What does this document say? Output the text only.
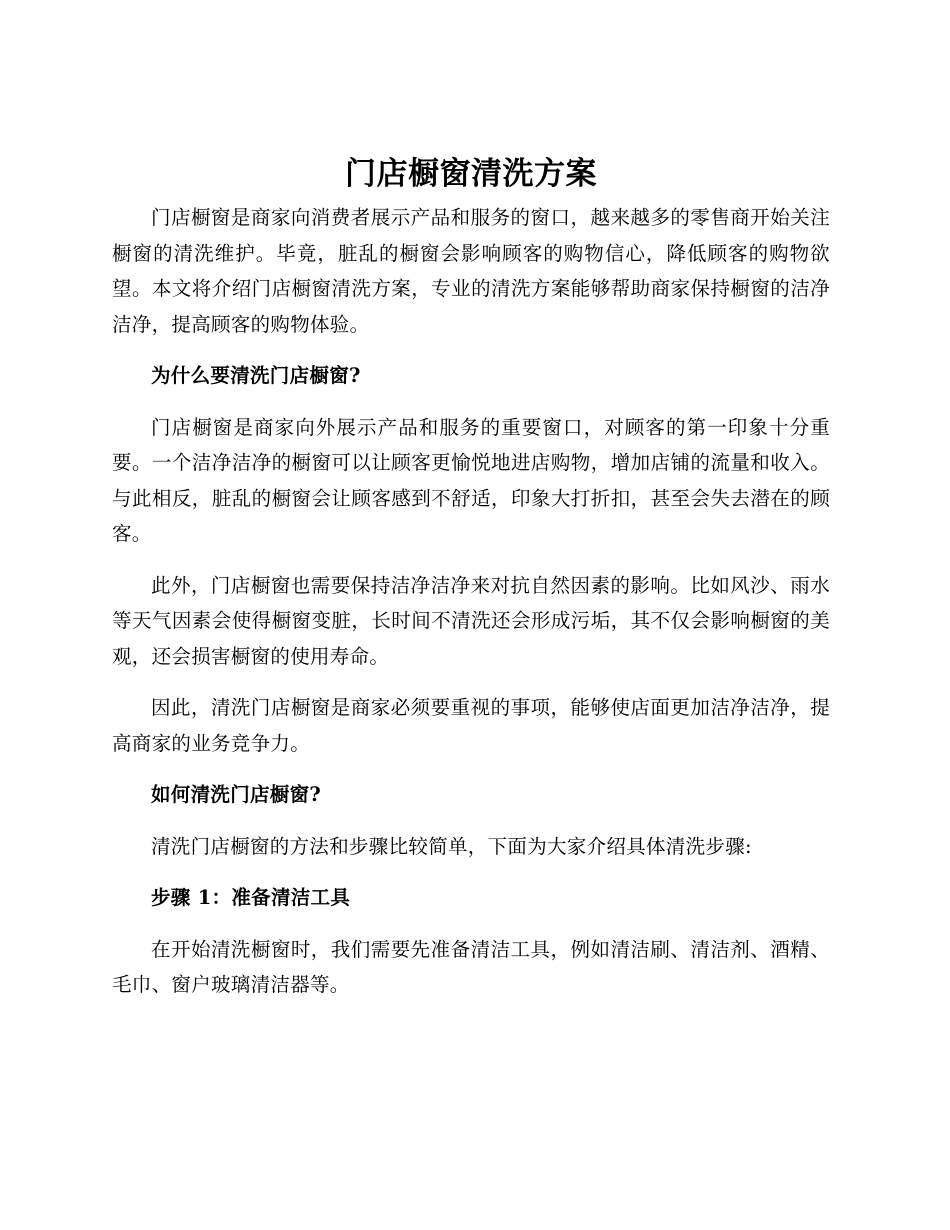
门店橱窗清洗方案

门店橱窗是商家向消费者展示产品和服务的窗口，越来越多的零售商开始关注橱窗的清洗维护。毕竟，脏乱的橱窗会影响顾客的购物信心，降低顾客的购物欲望。本文将介绍门店橱窗清洗方案，专业的清洗方案能够帮助商家保持橱窗的洁净洁净，提高顾客的购物体验。

为什么要清洗门店橱窗?

门店橱窗是商家向外展示产品和服务的重要窗口，对顾客的第一印象十分重要。一个洁净洁净的橱窗可以让顾客更愉悦地进店购物，增加店铺的流量和收入。与此相反，脏乱的橱窗会让顾客感到不舒适，印象大打折扣，甚至会失去潜在的顾客。

此外，门店橱窗也需要保持洁净洁净来对抗自然因素的影响。比如风沙、雨水等天气因素会使得橱窗变脏，长时间不清洗还会形成污垢，其不仅会影响橱窗的美观，还会损害橱窗的使用寿命。

因此，清洗门店橱窗是商家必须要重视的事项，能够使店面更加洁净洁净，提高商家的业务竞争力。

如何清洗门店橱窗?

清洗门店橱窗的方法和步骤比较简单，下面为大家介绍具体清洗步骤:

步骤 1：准备清洁工具

在开始清洗橱窗时，我们需要先准备清洁工具，例如清洁刷、清洁剂、酒精、毛巾、窗户玻璃清洁器等。
